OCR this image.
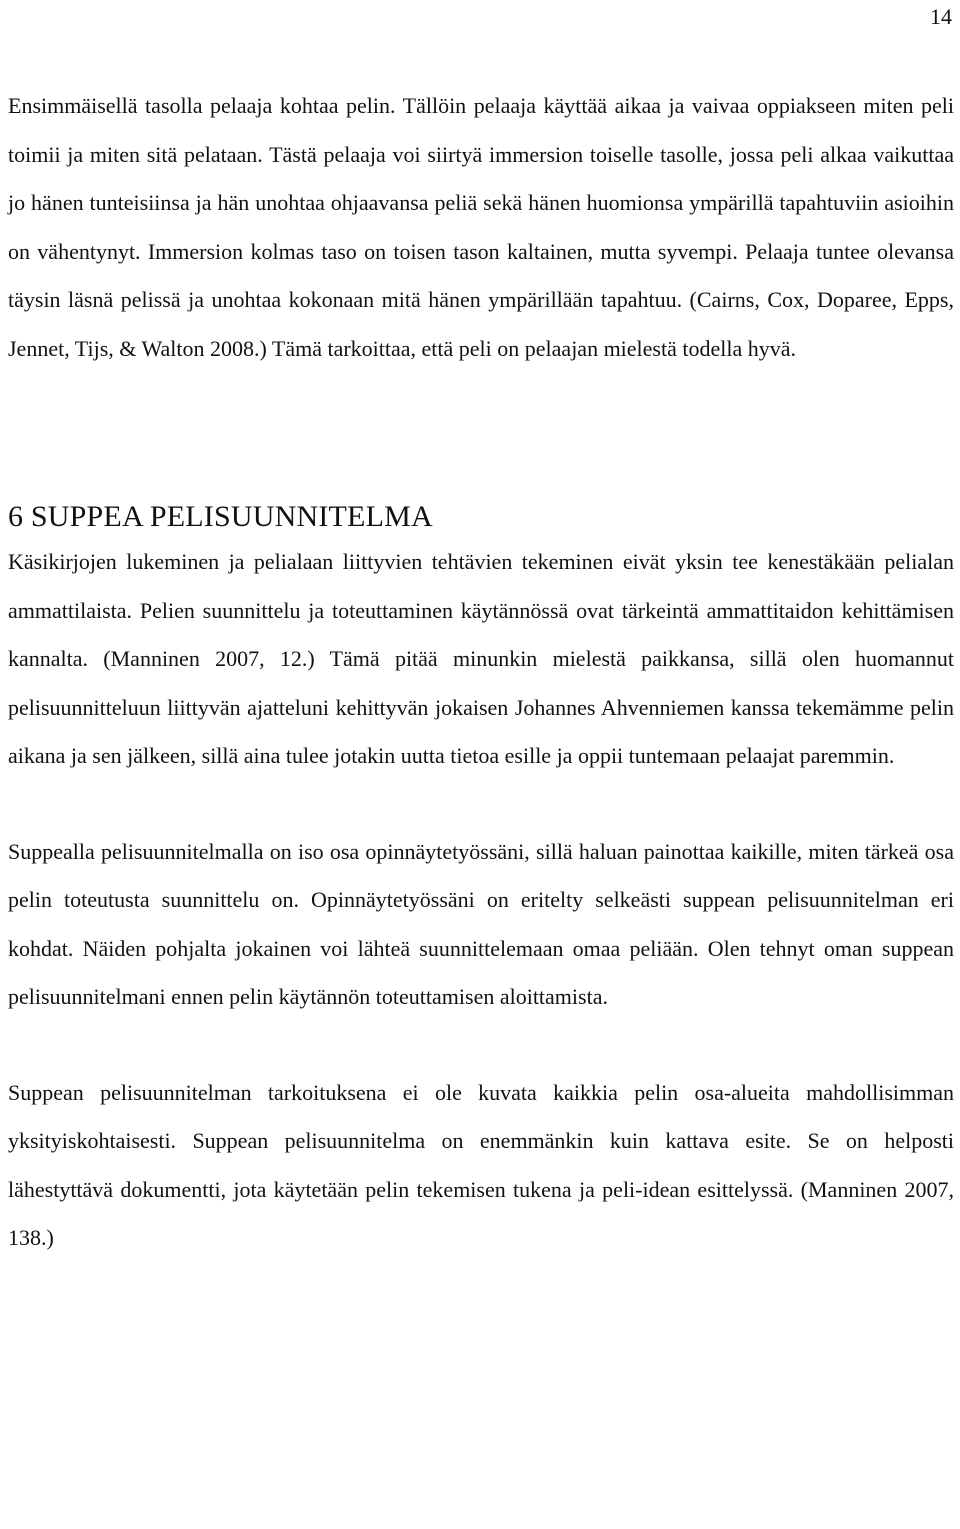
14

Ensimmäisellä tasolla pelaaja kohtaa pelin. Tällöin pelaaja käyttää aikaa ja vaivaa oppiakseen miten peli toimii ja miten sitä pelataan. Tästä pelaaja voi siirtyä immersion toiselle tasolle, jossa peli alkaa vaikuttaa jo hänen tunteisiinsa ja hän unohtaa ohjaavansa peliä sekä hänen huomionsa ympärillä tapahtuviin asioihin on vähentynyt. Immersion kolmas taso on toisen tason kaltainen, mutta syvempi. Pelaaja tuntee olevansa täysin läsnä pelissä ja unohtaa kokonaan mitä hänen ympärillään tapahtuu. (Cairns, Cox, Doparee, Epps, Jennet, Tijs, & Walton 2008.) Tämä tarkoittaa, että peli on pelaajan mielestä todella hyvä.

6 SUPPEA PELISUUNNITELMA

Käsikirjojen lukeminen ja pelialaan liittyvien tehtävien tekeminen eivät yksin tee kenestäkään pelialan ammattilaista. Pelien suunnittelu ja toteuttaminen käytännössä ovat tärkeintä ammattitaidon kehittämisen kannalta. (Manninen 2007, 12.) Tämä pitää minunkin mielestä paikkansa, sillä olen huomannut pelisuunnitteluun liittyvän ajatteluni kehittyvän jokaisen Johannes Ahvenniemen kanssa tekemämme pelin aikana ja sen jälkeen, sillä aina tulee jotakin uutta tietoa esille ja oppii tuntemaan pelaajat paremmin.

Suppealla pelisuunnitelmalla on iso osa opinnäytetyössäni, sillä haluan painottaa kaikille, miten tärkeä osa pelin toteutusta suunnittelu on. Opinnäytetyössäni on eritelty selkeästi suppean pelisuunnitelman eri kohdat. Näiden pohjalta jokainen voi lähteä suunnittelemaan omaa peliään. Olen tehnyt oman suppean pelisuunnitelmani ennen pelin käytännön toteuttamisen aloittamista.

Suppean pelisuunnitelman tarkoituksena ei ole kuvata kaikkia pelin osa-alueita mahdollisimman yksityiskohtaisesti. Suppean pelisuunnitelma on enemmänkin kuin kattava esite. Se on helposti lähestyttävä dokumentti, jota käytetään pelin tekemisen tukena ja peli-idean esittelyssä. (Manninen 2007, 138.)
